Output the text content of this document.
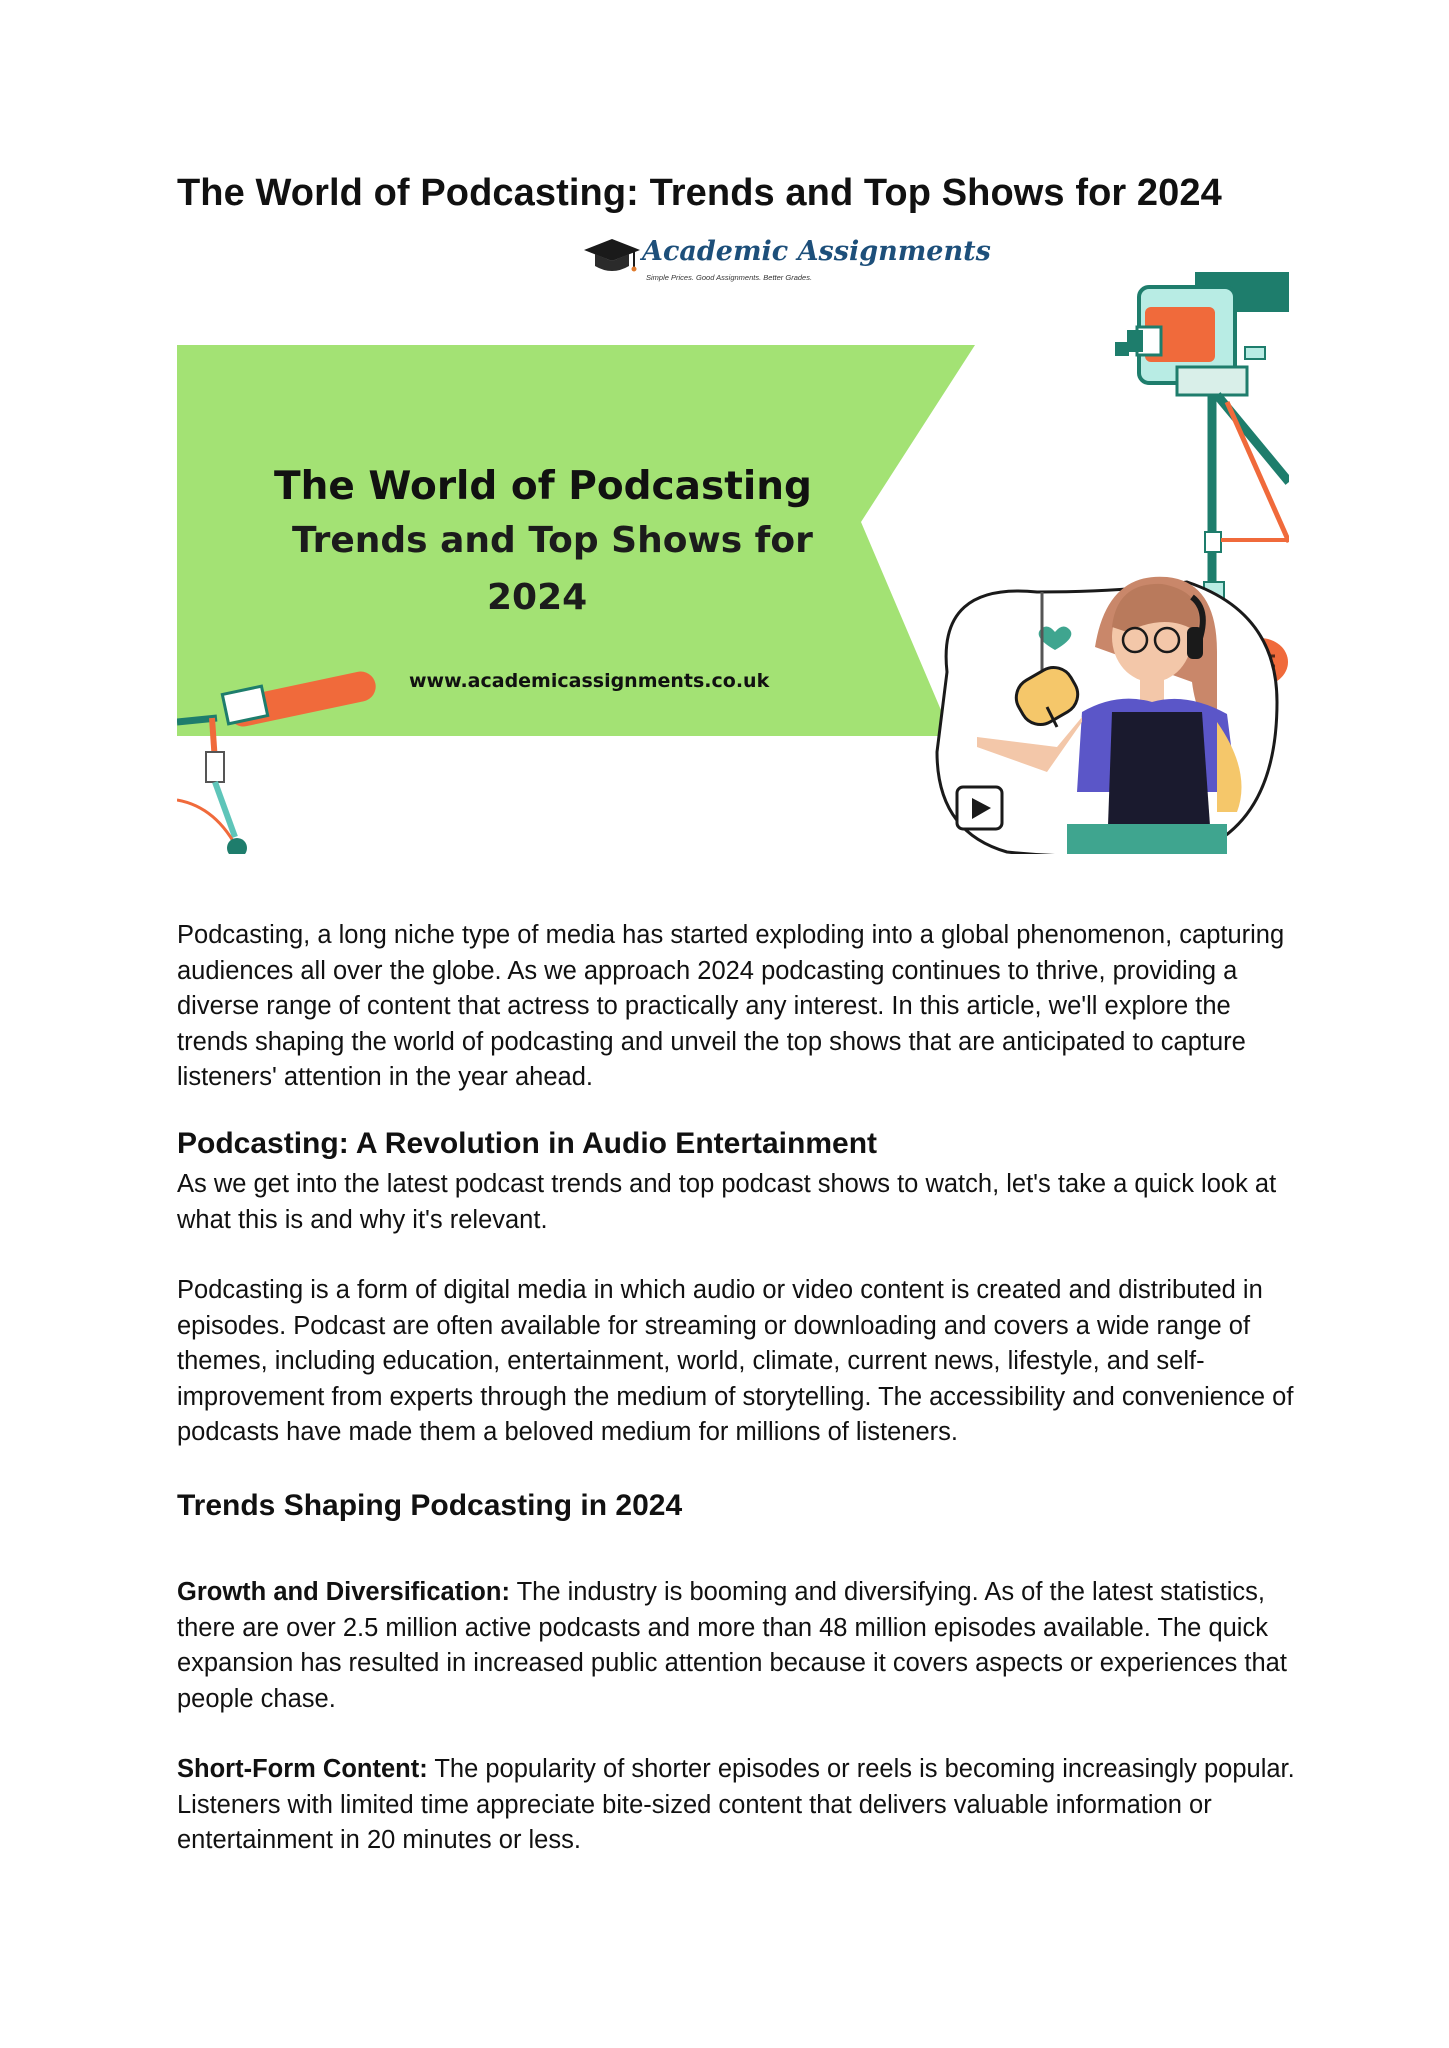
The World of Podcasting: Trends and Top Shows for 2024
Academic Assignments
Simple Prices. Good Assignments. Better Grades.
The World of Podcasting
Trends and Top Shows for
2024
www.academicassignments.co.uk

Podcasting, a long niche type of media has started exploding into a global phenomenon, capturing audiences all over the globe. As we approach 2024 podcasting continues to thrive, providing a diverse range of content that actress to practically any interest. In this article, we'll explore the trends shaping the world of podcasting and unveil the top shows that are anticipated to capture listeners' attention in the year ahead.

Podcasting: A Revolution in Audio Entertainment

As we get into the latest podcast trends and top podcast shows to watch, let's take a quick look at what this is and why it's relevant.

Podcasting is a form of digital media in which audio or video content is created and distributed in episodes. Podcast are often available for streaming or downloading and covers a wide range of themes, including education, entertainment, world, climate, current news, lifestyle, and self-improvement from experts through the medium of storytelling. The accessibility and convenience of podcasts have made them a beloved medium for millions of listeners.

Trends Shaping Podcasting in 2024

Growth and Diversification: The industry is booming and diversifying. As of the latest statistics, there are over 2.5 million active podcasts and more than 48 million episodes available. The quick expansion has resulted in increased public attention because it covers aspects or experiences that people chase.

Short-Form Content: The popularity of shorter episodes or reels is becoming increasingly popular. Listeners with limited time appreciate bite-sized content that delivers valuable information or entertainment in 20 minutes or less.
